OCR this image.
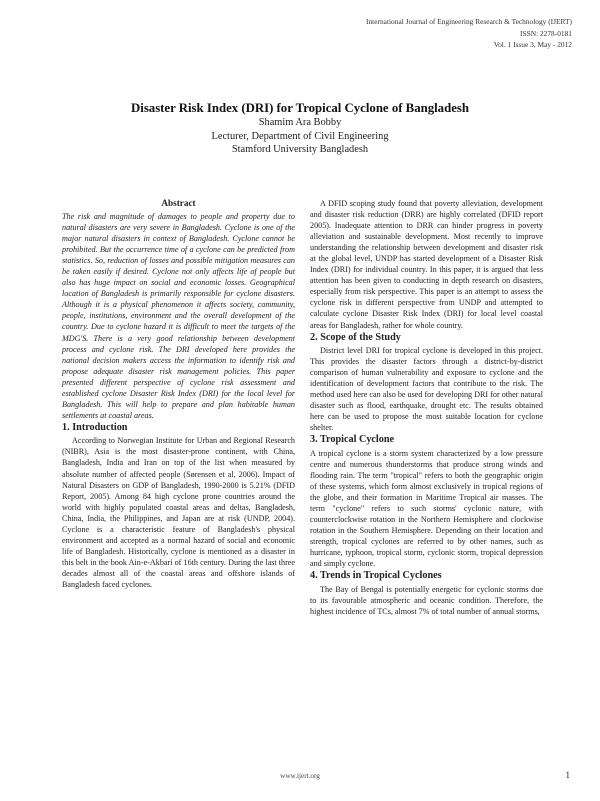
International Journal of Engineering Research & Technology (IJERT)
ISSN: 2278-0181
Vol. 1 Issue 3, May - 2012
Disaster Risk Index (DRI) for Tropical Cyclone of Bangladesh
Shamim Ara Bobby
Lecturer, Department of Civil Engineering
Stamford University Bangladesh
Abstract

The risk and magnitude of damages to people and property due to natural disasters are very severe in Bangladesh. Cyclone is one of the major natural disasters in context of Bangladesh. Cyclone cannot be prohibited. But the occurrence time of a cyclone can be predicted from statistics. So, reduction of losses and possible mitigation measures can be taken easily if desired. Cyclone not only affects life of people but also has huge impact on social and economic losses. Geographical location of Bangladesh is primarily responsible for cyclone disasters. Although it is a physical phenomenon it affects society, community, people, institutions, environment and the overall development of the country. Due to cyclone hazard it is difficult to meet the targets of the MDG'S. There is a very good relationship between development process and cyclone risk. The DRI developed here provides the national decision makers access the information to identify risk and propose adequate disaster risk management policies. This paper presented different perspective of cyclone risk assessment and established cyclone Disaster Risk Index (DRI) for the local level for Bangladesh. This will help to prepare and plan habitable human settlements at coastal areas.

1. Introduction

According to Norwegian Institute for Urban and Regional Research (NIBR), Asia is the most disaster-prone continent, with China, Bangladesh, India and Iran on top of the list when measured by absolute number of affected people (Sørensen et al, 2006). Impact of Natural Disasters on GDP of Bangladesh, 1990-2000 is 5.21% (DFID Report, 2005). Among 84 high cyclone prone countries around the world with highly populated coastal areas and deltas, Bangladesh, China, India, the Philippines, and Japan are at risk (UNDP, 2004). Cyclone is a characteristic feature of Bangladesh's physical environment and accepted as a normal hazard of social and economic life of Bangladesh. Historically, cyclone is mentioned as a disaster in this belt in the book Ain-e-Akbari of 16th century. During the last three decades almost all of the coastal areas and offshore islands of Bangladesh faced cyclones.

A DFID scoping study found that poverty alleviation, development and disaster risk reduction (DRR) are highly correlated (DFID report 2005). Inadequate attention to DRR can hinder progress in poverty alleviation and sustainable development. Most recently to improve understanding the relationship between development and disaster risk at the global level, UNDP has started development of a Disaster Risk Index (DRI) for individual country. In this paper, it is argued that less attention has been given to conducting in depth research on disasters, especially from risk perspective. This paper is an attempt to assess the cyclone risk in different perspective from UNDP and attempted to calculate cyclone Disaster Risk Index (DRI) for local level coastal areas for Bangladesh, rather for whole country.

2. Scope of the Study

District level DRI for tropical cyclone is developed in this project. This provides the disaster factors through a district-by-district comparison of human vulnerability and exposure to cyclone and the identification of development factors that contribute to the risk. The method used here can also be used for developing DRI for other natural disaster such as flood, earthquake, drought etc. The results obtained here can be used to propose the most suitable location for cyclone shelter.

3. Tropical Cyclone

A tropical cyclone is a storm system characterized by a low pressure centre and numerous thunderstorms that produce strong winds and flooding rain. The term "tropical" refers to both the geographic origin of these systems, which form almost exclusively in tropical regions of the globe, and their formation in Maritime Tropical air masses. The term "cyclone" refers to such storms' cyclonic nature, with counterclockwise rotation in the Northern Hemisphere and clockwise rotation in the Southern Hemisphere. Depending on their location and strength, tropical cyclones are referred to by other names, such as hurricane, typhoon, tropical storm, cyclonic storm, tropical depression and simply cyclone.

4. Trends in Tropical Cyclones

The Bay of Bengal is potentially energetic for cyclonic storms due to its favourable atmospheric and oceanic condition. Therefore, the highest incidence of TCs, almost 7% of total number of annual storms,

www.ijert.org	1
